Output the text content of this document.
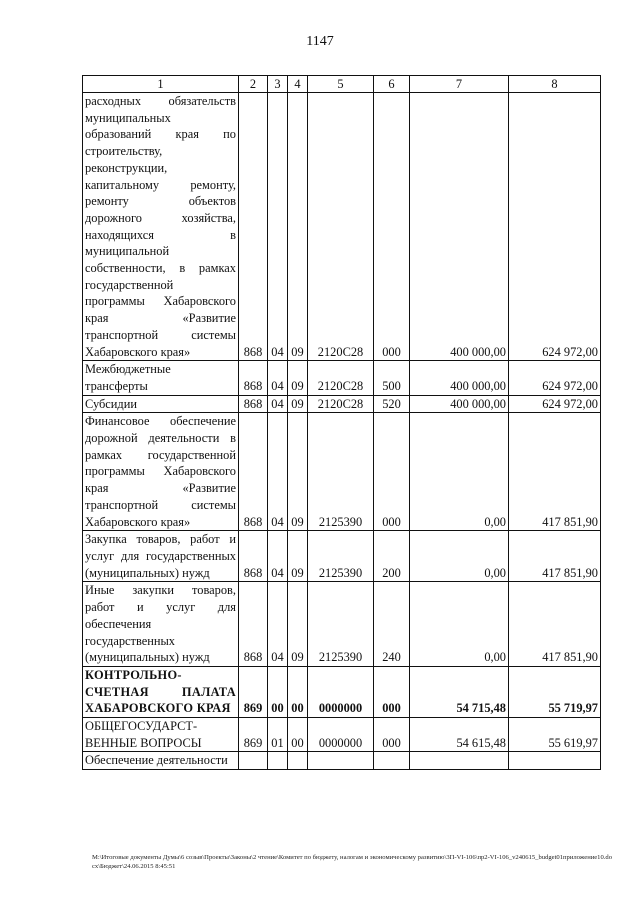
1147
1	2	3	4	5	6	7	8
расходных обязательств муниципальных образований края по строительству, реконструкции, капитальному ремонту, ремонту объектов дорожного хозяйства, находящихся в муниципальной собственности, в рамках государственной программы Хабаровского края «Развитие транспортной системы Хабаровского края»	868	04	09	2120С28	000	400 000,00	624 972,00
Межбюджетные трансферты	868	04	09	2120С28	500	400 000,00	624 972,00
Субсидии	868	04	09	2120С28	520	400 000,00	624 972,00
Финансовое обеспечение дорожной деятельности в рамках государственной программы Хабаровского края «Развитие транспортной системы Хабаровского края»	868	04	09	2125390	000	0,00	417 851,90
Закупка товаров, работ и услуг для государственных (муниципальных) нужд	868	04	09	2125390	200	0,00	417 851,90
Иные закупки товаров, работ и услуг для обеспечения государственных (муниципальных) нужд	868	04	09	2125390	240	0,00	417 851,90
КОНТРОЛЬНО-СЧЕТНАЯ ПАЛАТА ХАБАРОВСКОГО КРАЯ	869	00	00	0000000	000	54 715,48	55 719,97
ОБЩЕГОСУДАРСТ-ВЕННЫЕ ВОПРОСЫ	869	01	00	0000000	000	54 615,48	55 619,97
Обеспечение деятельности							
M:\Итоговые документы Думы\6 созыв\Проекты\Законы\2 чтение\Комитет по бюджету, налогам и экономическому развитию\3П-VI-106\пр2-VI-106_v240615_budget01приложение10.docx\Бюджет\24.06.2015 8:45:51
